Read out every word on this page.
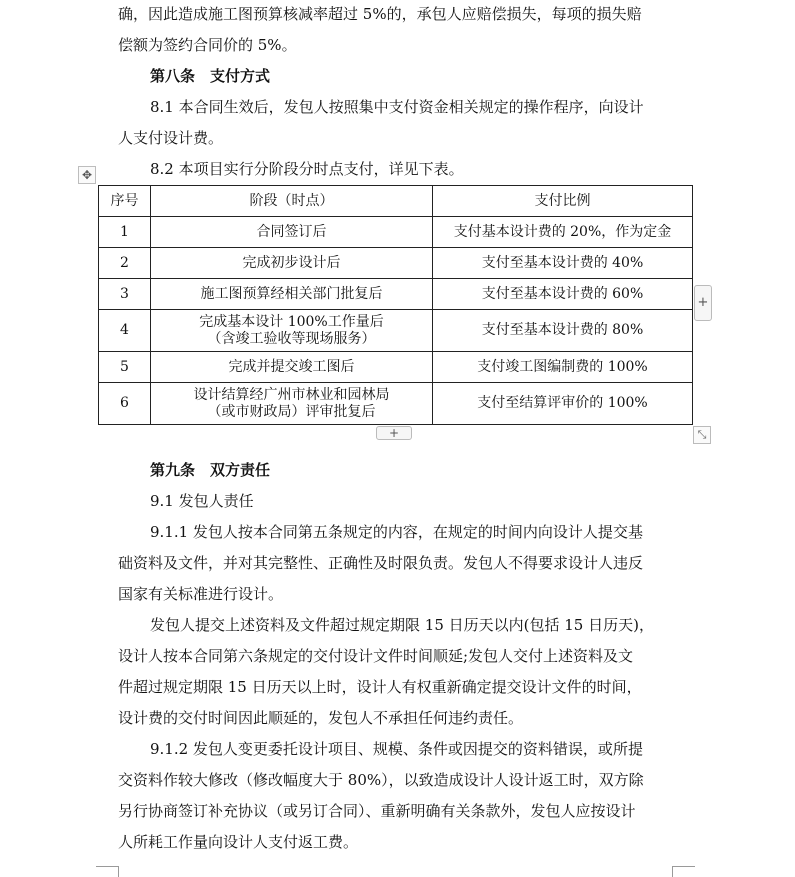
确，因此造成施工图预算核减率超过 5%的，承包人应赔偿损失，每项的损失赔
偿额为签约合同价的 5%。
第八条　支付方式
8.1 本合同生效后，发包人按照集中支付资金相关规定的操作程序，向设计
人支付设计费。
8.2 本项目实行分阶段分时点支付，详见下表。
✥
序号	阶段（时点）	支付比例
1	合同签订后	支付基本设计费的 20%，作为定金
2	完成初步设计后	支付至基本设计费的 40%
3	施工图预算经相关部门批复后	支付至基本设计费的 60%
4	完成基本设计 100%工作量后
（含竣工验收等现场服务）	支付至基本设计费的 80%
5	完成并提交竣工图后	支付竣工图编制费的 100%
6	设计结算经广州市林业和园林局
（或市财政局）评审批复后	支付至结算评审价的 100%
+
+	⤡
第九条　双方责任
9.1 发包人责任
9.1.1 发包人按本合同第五条规定的内容，在规定的时间内向设计人提交基
础资料及文件，并对其完整性、正确性及时限负责。发包人不得要求设计人违反
国家有关标准进行设计。
发包人提交上述资料及文件超过规定期限 15 日历天以内(包括 15 日历天)，
设计人按本合同第六条规定的交付设计文件时间顺延;发包人交付上述资料及文
件超过规定期限 15 日历天以上时，设计人有权重新确定提交设计文件的时间，
设计费的交付时间因此顺延的，发包人不承担任何违约责任。
9.1.2 发包人变更委托设计项目、规模、条件或因提交的资料错误，或所提
交资料作较大修改（修改幅度大于 80%），以致造成设计人设计返工时，双方除
另行协商签订补充协议（或另订合同）、重新明确有关条款外，发包人应按设计
人所耗工作量向设计人支付返工费。
